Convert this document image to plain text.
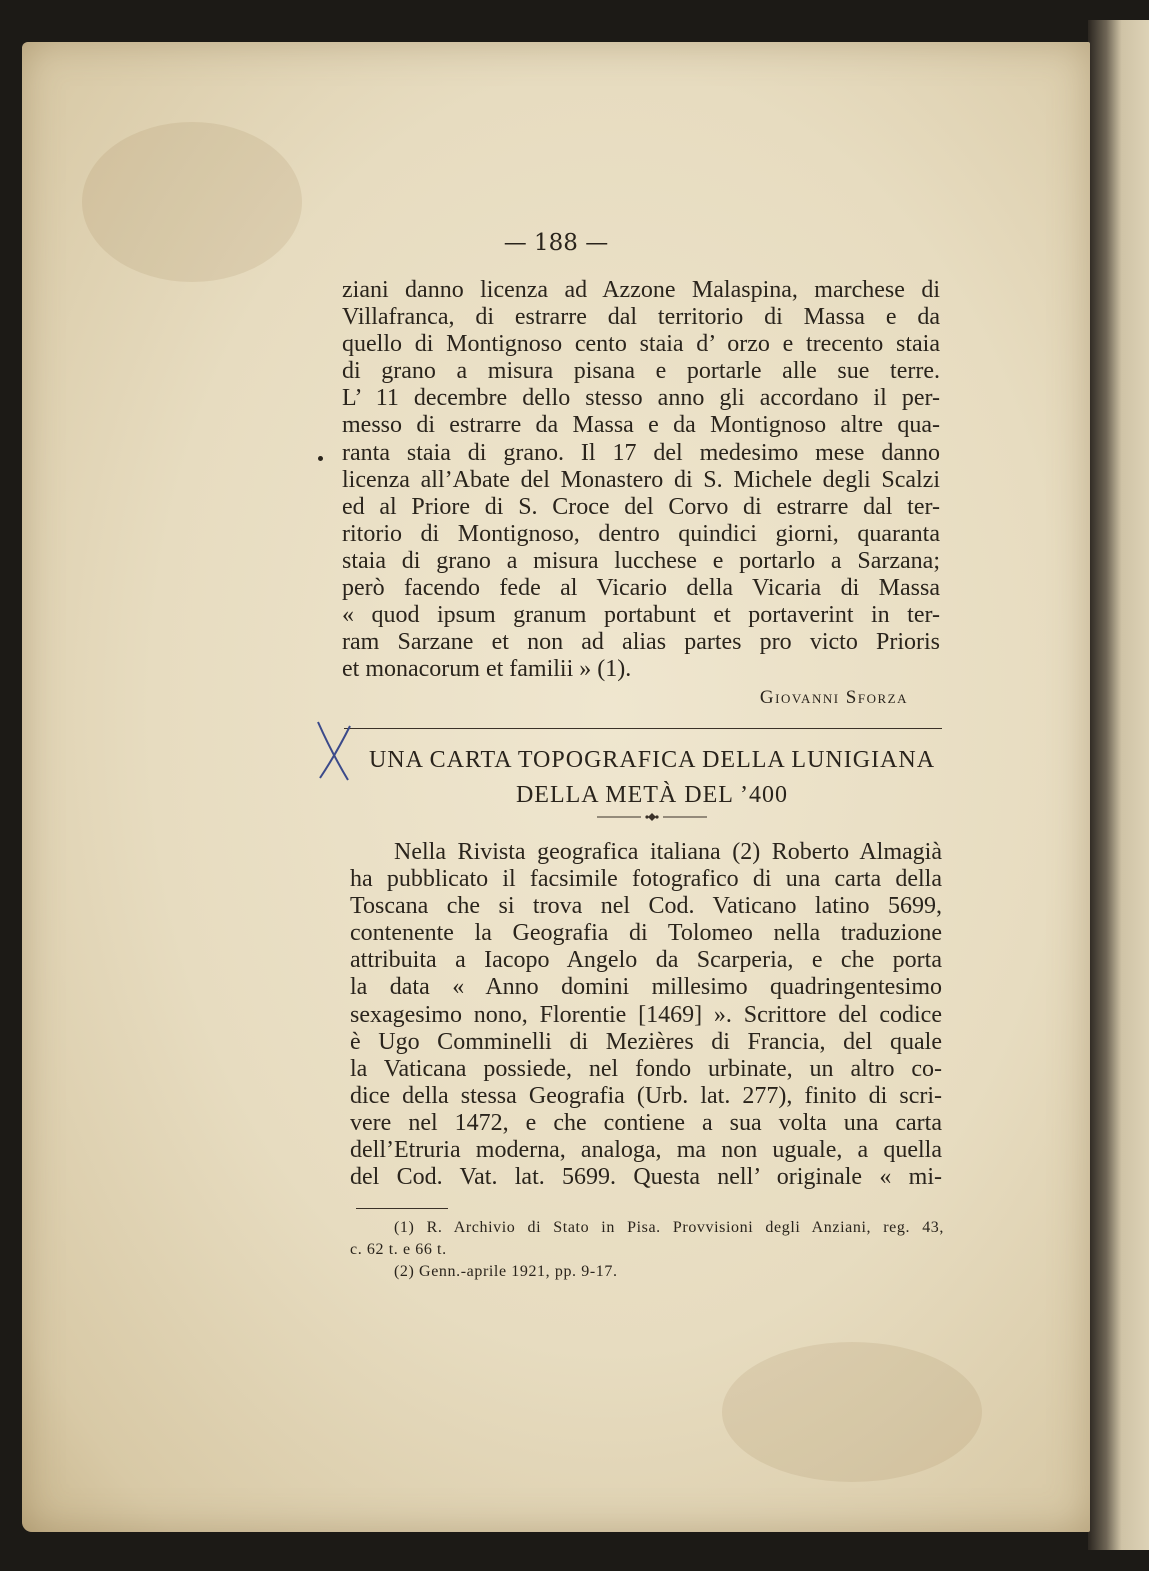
— 188 —

ziani danno licenza ad Azzone Malaspina, marchese di

Villafranca, di estrarre dal territorio di Massa e da

quello di Montignoso cento staia d’ orzo e trecento staia

di grano a misura pisana e portarle alle sue terre.

L’ 11 decembre dello stesso anno gli accordano il per-

messo di estrarre da Massa e da Montignoso altre qua-

ranta staia di grano. Il 17 del medesimo mese danno

licenza all’Abate del Monastero di S. Michele degli Scalzi

ed al Priore di S. Croce del Corvo di estrarre dal ter-

ritorio di Montignoso, dentro quindici giorni, quaranta

staia di grano a misura lucchese e portarlo a Sarzana;

però facendo fede al Vicario della Vicaria di Massa

« quod ipsum granum portabunt et portaverint in ter-

ram Sarzane et non ad alias partes pro victo Prioris

et monacorum et familii » (1).

Giovanni Sforza
UNA CARTA TOPOGRAFICA DELLA LUNIGIANA
DELLA METÀ DEL ’400

Nella Rivista geografica italiana (2) Roberto Almagià

ha pubblicato il facsimile fotografico di una carta della

Toscana che si trova nel Cod. Vaticano latino 5699,

contenente la Geografia di Tolomeo nella traduzione

attribuita a Iacopo Angelo da Scarperia, e che porta

la data « Anno domini millesimo quadringentesimo

sexagesimo nono, Florentie [1469] ». Scrittore del codice

è Ugo Comminelli di Mezières di Francia, del quale

la Vaticana possiede, nel fondo urbinate, un altro co-

dice della stessa Geografia (Urb. lat. 277), finito di scri-

vere nel 1472, e che contiene a sua volta una carta

dell’Etruria moderna, analoga, ma non uguale, a quella

del Cod. Vat. lat. 5699. Questa nell’ originale « mi-

(1) R. Archivio di Stato in Pisa. Provvisioni degli Anziani, reg. 43,

c. 62 t. e 66 t.

(2) Genn.-aprile 1921, pp. 9-17.
